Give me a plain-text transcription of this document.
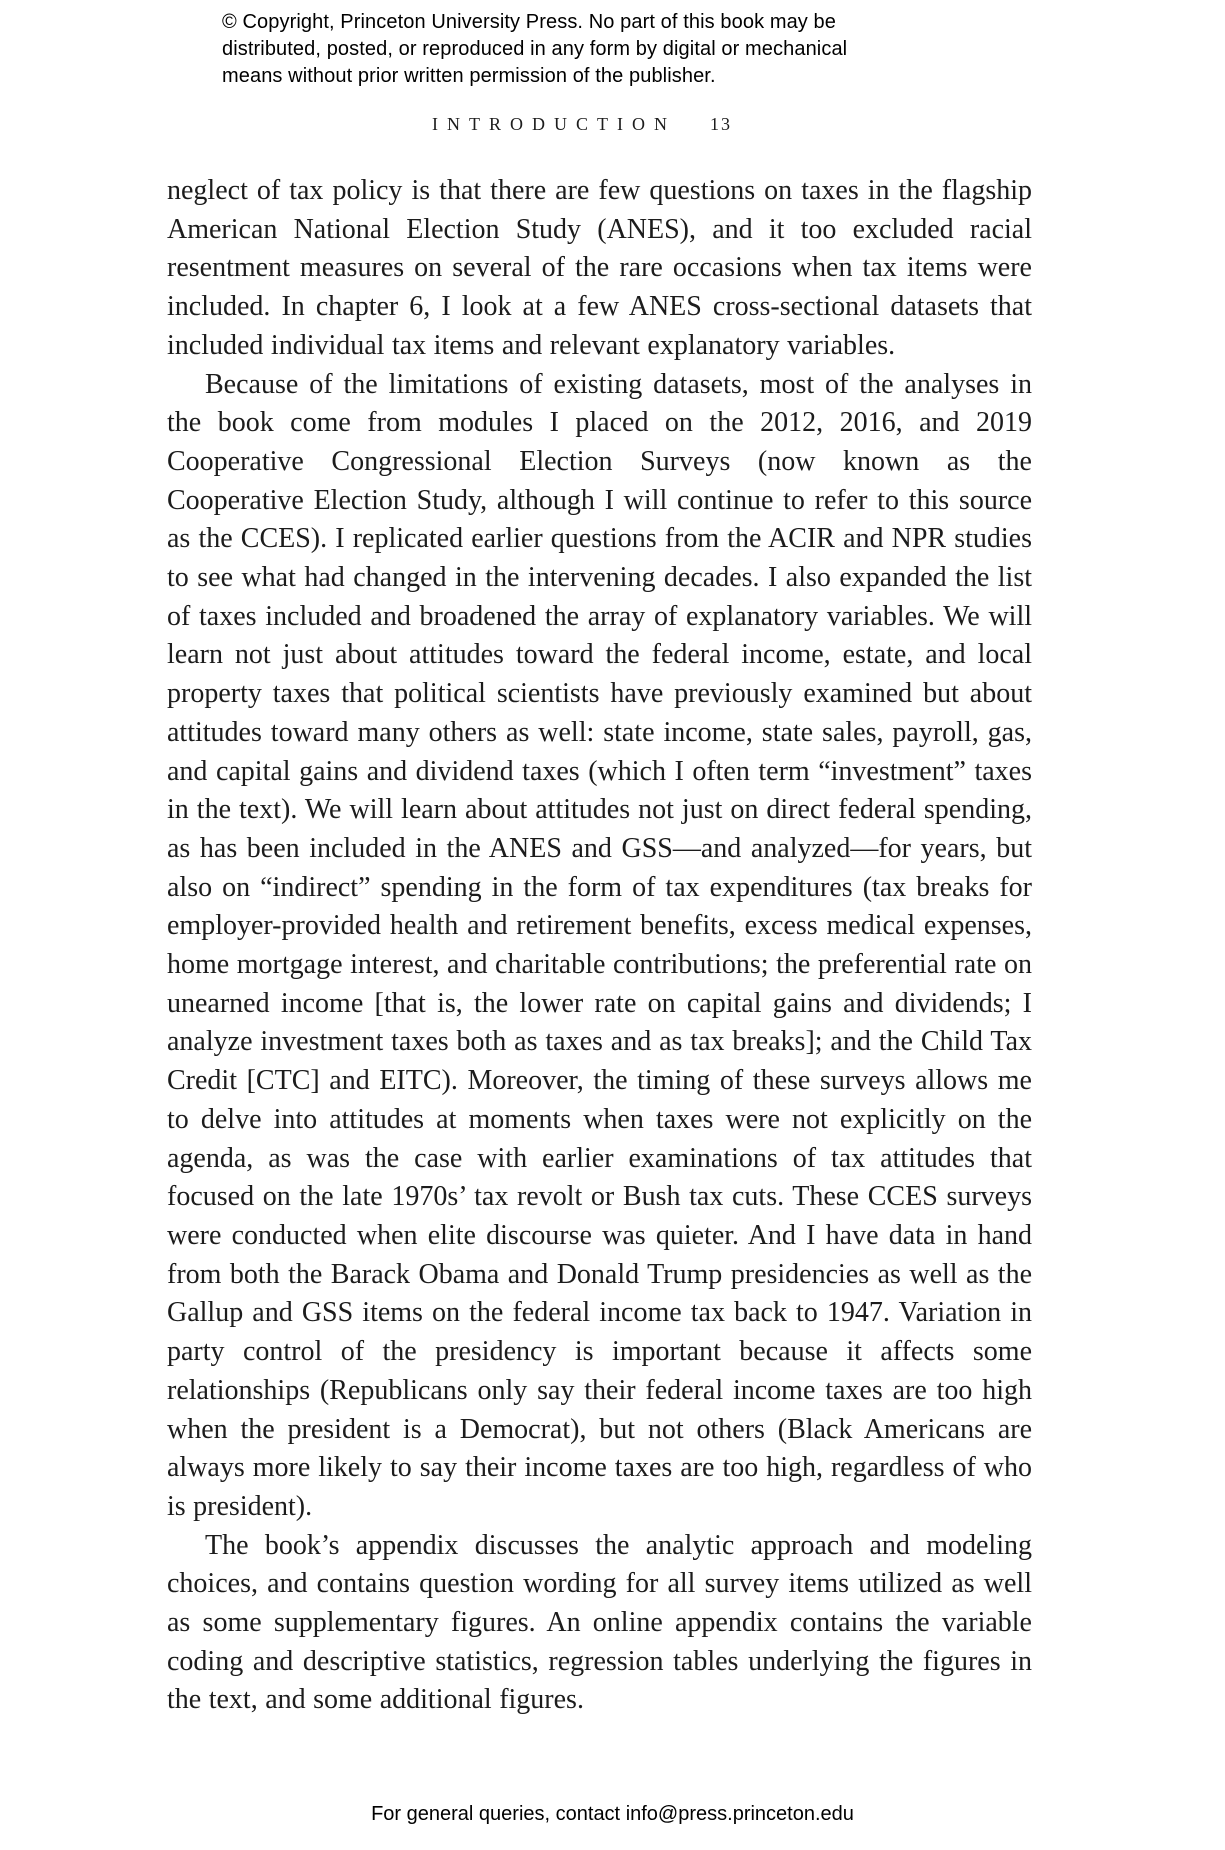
© Copyright, Princeton University Press. No part of this book may be
distributed, posted, or reproduced in any form by digital or mechanical
means without prior written permission of the publisher.
INTRODUCTION 13

neglect of tax policy is that there are few questions on taxes in the flagship American National Election Study (ANES), and it too excluded racial resentment measures on several of the rare occasions when tax items were included. In chapter 6, I look at a few ANES cross-sectional datasets that included individual tax items and relevant explanatory variables.

Because of the limitations of existing datasets, most of the analyses in the book come from modules I placed on the 2012, 2016, and 2019 Cooperative Congressional Election Surveys (now known as the Cooperative Election Study, although I will continue to refer to this source as the CCES). I replicated earlier questions from the ACIR and NPR studies to see what had changed in the intervening decades. I also expanded the list of taxes included and broadened the array of explanatory variables. We will learn not just about attitudes toward the federal income, estate, and local property taxes that political scientists have previously examined but about attitudes toward many others as well: state income, state sales, payroll, gas, and capital gains and dividend taxes (which I often term “investment” taxes in the text). We will learn about attitudes not just on direct federal spending, as has been included in the ANES and GSS—and analyzed—for years, but also on “indirect” spending in the form of tax expenditures (tax breaks for employer-provided health and retirement benefits, excess medical expenses, home mortgage interest, and charitable contributions; the preferential rate on unearned income [that is, the lower rate on capital gains and dividends; I analyze investment taxes both as taxes and as tax breaks]; and the Child Tax Credit [CTC] and EITC). Moreover, the timing of these surveys allows me to delve into attitudes at moments when taxes were not explicitly on the agenda, as was the case with earlier examinations of tax attitudes that focused on the late 1970s’ tax revolt or Bush tax cuts. These CCES surveys were conducted when elite discourse was quieter. And I have data in hand from both the Barack Obama and Donald Trump presidencies as well as the Gallup and GSS items on the federal income tax back to 1947. Variation in party control of the presidency is important because it affects some relationships (Republicans only say their federal income taxes are too high when the president is a Democrat), but not others (Black Americans are always more likely to say their income taxes are too high, regardless of who is president).

The book’s appendix discusses the analytic approach and modeling choices, and contains question wording for all survey items utilized as well as some supplementary figures. An online appendix contains the variable coding and descriptive statistics, regression tables underlying the figures in the text, and some additional figures.

For general queries, contact info@press.princeton.edu
